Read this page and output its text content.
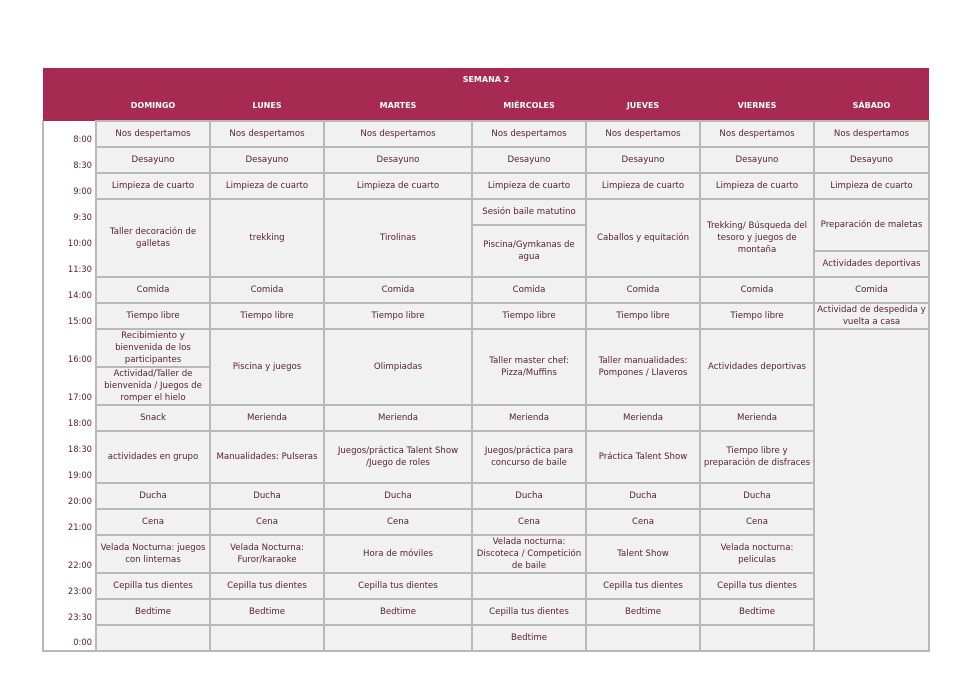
SEMANA 2							
	DOMINGO	LUNES	MARTES	MIÉRCOLES	JUEVES	VIERNES	SÁBADO
8:00	Nos despertamos	Nos despertamos	Nos despertamos	Nos despertamos	Nos despertamos	Nos despertamos	Nos despertamos
8:30	Desayuno	Desayuno	Desayuno	Desayuno	Desayuno	Desayuno	Desayuno
9:00	Limpieza de cuarto	Limpieza de cuarto	Limpieza de cuarto	Limpieza de cuarto	Limpieza de cuarto	Limpieza de cuarto	Limpieza de cuarto
9:30	Taller decoración de galletas	trekking	Tirolinas	Sesión baile matutino	Caballos y equitación	Trekking/ Búsqueda del tesoro y juegos de montaña	Preparación de maletas
10:00				Piscina/Gymkanas de agua			
11:30							Actividades deportivas
14:00	Comida	Comida	Comida	Comida	Comida	Comida	Comida
15:00	Tiempo libre	Tiempo libre	Tiempo libre	Tiempo libre	Tiempo libre	Tiempo libre	Actividad de despedida y vuelta a casa
16:00	Recibimiento y bienvenida de los participantes	Piscina y juegos	Olimpiadas	Taller master chef: Pizza/Muffins	Taller manualidades: Pompones / Llaveros	Actividades deportivas	
17:00	Actividad/Taller de bienvenida / Juegos de romper el hielo						
18:00	Snack	Merienda	Merienda	Merienda	Merienda	Merienda	
18:30	actividades en grupo	Manualidades: Pulseras	Juegos/práctica Talent Show /Juego de roles	Juegos/práctica para concurso de baile	Práctica Talent Show	Tiempo libre y preparación de disfraces	
19:00							
20:00	Ducha	Ducha	Ducha	Ducha	Ducha	Ducha	
21:00	Cena	Cena	Cena	Cena	Cena	Cena	
22:00	Velada Nocturna: juegos con linternas	Velada Nocturna: Furor/karaoke	Hora de móviles	Velada nocturna: Discoteca / Competición de baile	Talent Show	Velada nocturna: peliculas	
23:00	Cepilla tus dientes	Cepilla tus dientes	Cepilla tus dientes		Cepilla tus dientes	Cepilla tus dientes	
23:30	Bedtime	Bedtime	Bedtime	Cepilla tus dientes	Bedtime	Bedtime	
0:00				Bedtime			
